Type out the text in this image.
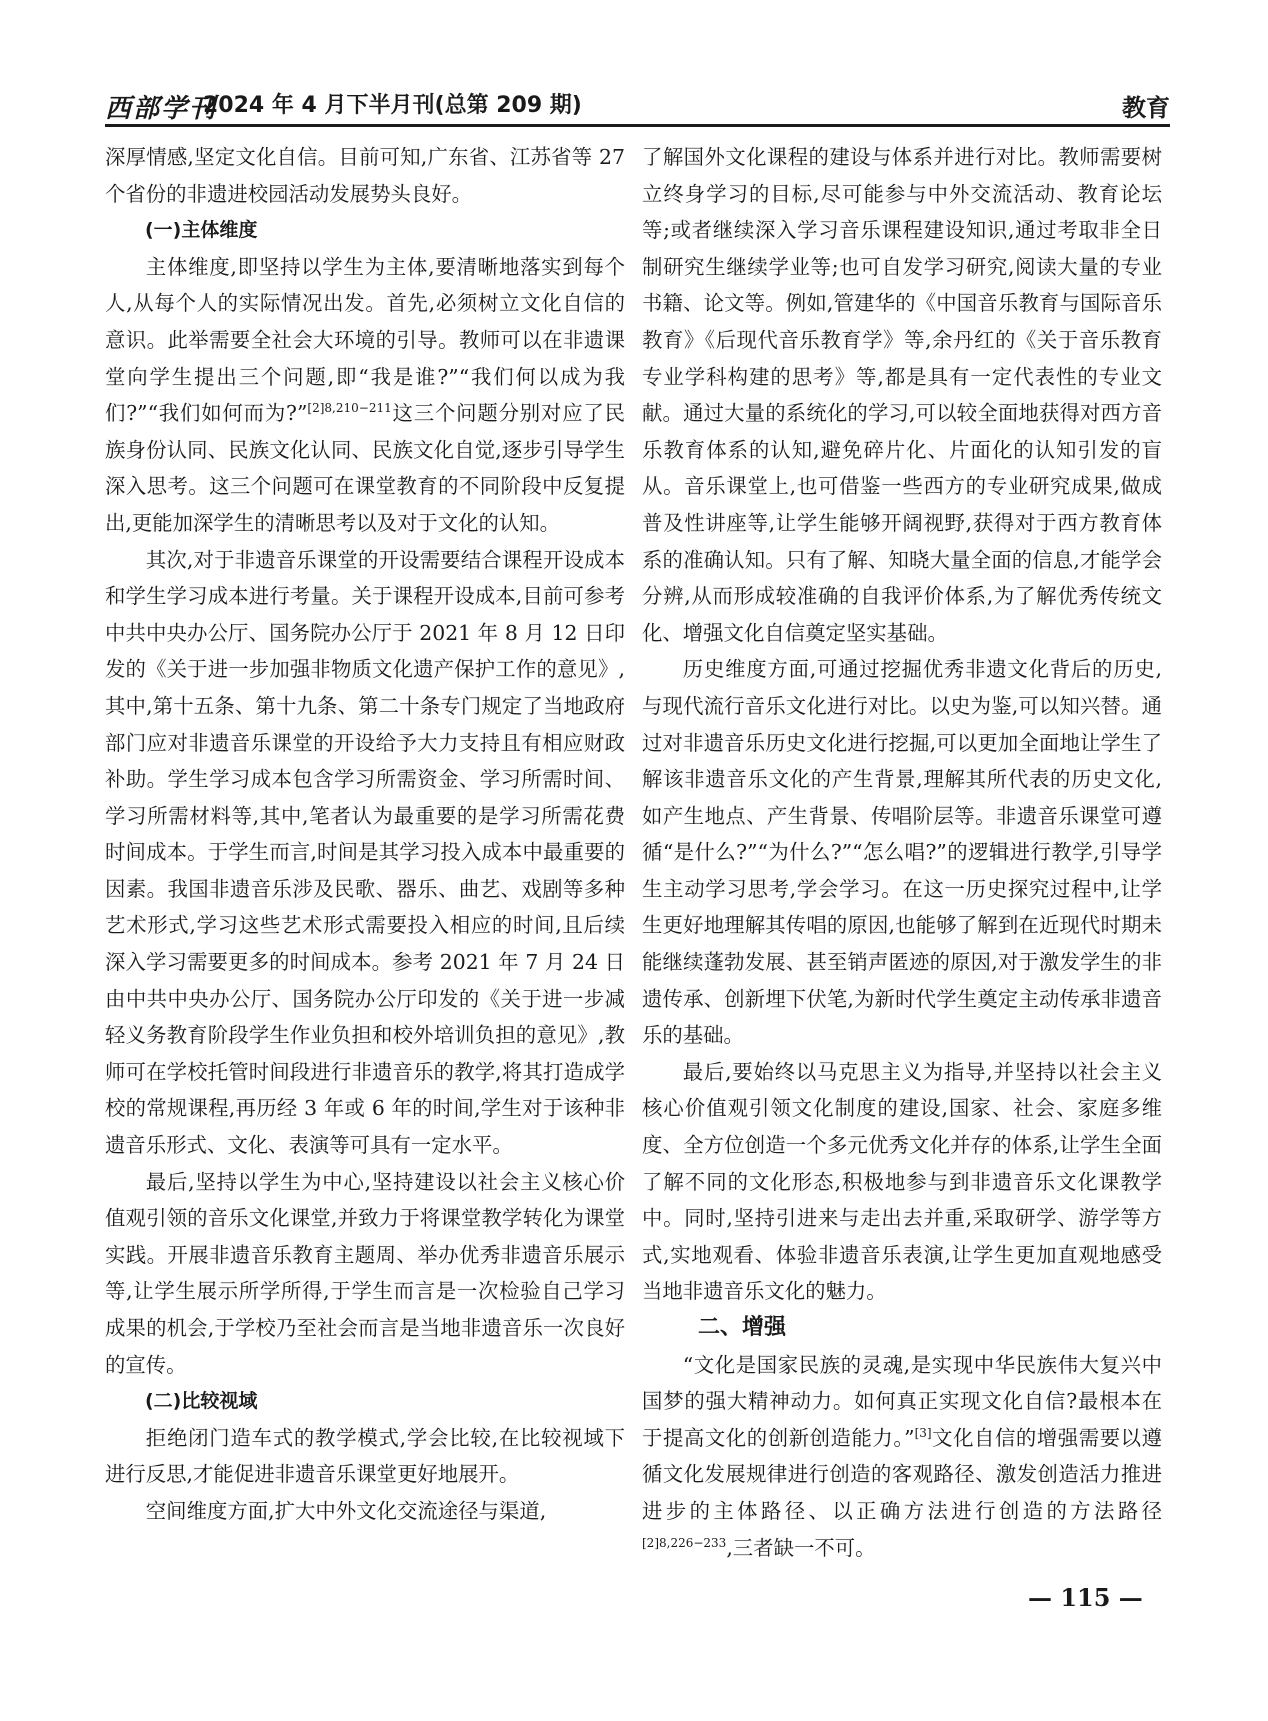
西部学刊
2024 年 4 月下半月刊(总第 209 期)	教育

深厚情感,坚定文化自信。目前可知,广东省、江苏省等 27 个省份的非遗进校园活动发展势头良好。

(一)主体维度

主体维度,即坚持以学生为主体,要清晰地落实到每个人,从每个人的实际情况出发。首先,必须树立文化自信的意识。此举需要全社会大环境的引导。教师可以在非遗课堂向学生提出三个问题,即“我是谁?”“我们何以成为我们?”“我们如何而为?”$^{[2]8,210-211}$这三个问题分别对应了民族身份认同、民族文化认同、民族文化自觉,逐步引导学生深入思考。这三个问题可在课堂教育的不同阶段中反复提出,更能加深学生的清晰思考以及对于文化的认知。

其次,对于非遗音乐课堂的开设需要结合课程开设成本和学生学习成本进行考量。关于课程开设成本,目前可参考中共中央办公厅、国务院办公厅于 2021 年 8 月 12 日印发的《关于进一步加强非物质文化遗产保护工作的意见》,其中,第十五条、第十九条、第二十条专门规定了当地政府部门应对非遗音乐课堂的开设给予大力支持且有相应财政补助。学生学习成本包含学习所需资金、学习所需时间、学习所需材料等,其中,笔者认为最重要的是学习所需花费时间成本。于学生而言,时间是其学习投入成本中最重要的因素。我国非遗音乐涉及民歌、器乐、曲艺、戏剧等多种艺术形式,学习这些艺术形式需要投入相应的时间,且后续深入学习需要更多的时间成本。参考 2021 年 7 月 24 日由中共中央办公厅、国务院办公厅印发的《关于进一步减轻义务教育阶段学生作业负担和校外培训负担的意见》,教师可在学校托管时间段进行非遗音乐的教学,将其打造成学校的常规课程,再历经 3 年或 6 年的时间,学生对于该种非遗音乐形式、文化、表演等可具有一定水平。

最后,坚持以学生为中心,坚持建设以社会主义核心价值观引领的音乐文化课堂,并致力于将课堂教学转化为课堂实践。开展非遗音乐教育主题周、举办优秀非遗音乐展示等,让学生展示所学所得,于学生而言是一次检验自己学习成果的机会,于学校乃至社会而言是当地非遗音乐一次良好的宣传。

(二)比较视域

拒绝闭门造车式的教学模式,学会比较,在比较视域下进行反思,才能促进非遗音乐课堂更好地展开。

空间维度方面,扩大中外文化交流途径与渠道,

了解国外文化课程的建设与体系并进行对比。教师需要树立终身学习的目标,尽可能参与中外交流活动、教育论坛等;或者继续深入学习音乐课程建设知识,通过考取非全日制研究生继续学业等;也可自发学习研究,阅读大量的专业书籍、论文等。例如,管建华的《中国音乐教育与国际音乐教育》《后现代音乐教育学》等,余丹红的《关于音乐教育专业学科构建的思考》等,都是具有一定代表性的专业文献。通过大量的系统化的学习,可以较全面地获得对西方音乐教育体系的认知,避免碎片化、片面化的认知引发的盲从。音乐课堂上,也可借鉴一些西方的专业研究成果,做成普及性讲座等,让学生能够开阔视野,获得对于西方教育体系的准确认知。只有了解、知晓大量全面的信息,才能学会分辨,从而形成较准确的自我评价体系,为了解优秀传统文化、增强文化自信奠定坚实基础。

历史维度方面,可通过挖掘优秀非遗文化背后的历史,与现代流行音乐文化进行对比。以史为鉴,可以知兴替。通过对非遗音乐历史文化进行挖掘,可以更加全面地让学生了解该非遗音乐文化的产生背景,理解其所代表的历史文化,如产生地点、产生背景、传唱阶层等。非遗音乐课堂可遵循“是什么?”“为什么?”“怎么唱?”的逻辑进行教学,引导学生主动学习思考,学会学习。在这一历史探究过程中,让学生更好地理解其传唱的原因,也能够了解到在近现代时期未能继续蓬勃发展、甚至销声匿迹的原因,对于激发学生的非遗传承、创新埋下伏笔,为新时代学生奠定主动传承非遗音乐的基础。

最后,要始终以马克思主义为指导,并坚持以社会主义核心价值观引领文化制度的建设,国家、社会、家庭多维度、全方位创造一个多元优秀文化并存的体系,让学生全面了解不同的文化形态,积极地参与到非遗音乐文化课教学中。同时,坚持引进来与走出去并重,采取研学、游学等方式,实地观看、体验非遗音乐表演,让学生更加直观地感受当地非遗音乐文化的魅力。

二、增强

“文化是国家民族的灵魂,是实现中华民族伟大复兴中国梦的强大精神动力。如何真正实现文化自信?最根本在于提高文化的创新创造能力。”[3]文化自信的增强需要以遵循文化发展规律进行创造的客观路径、激发创造活力推进进步的主体路径、以正确方法进行创造的方法路径$^{[2]8,226-233}$,三者缺一不可。

— 115 —
